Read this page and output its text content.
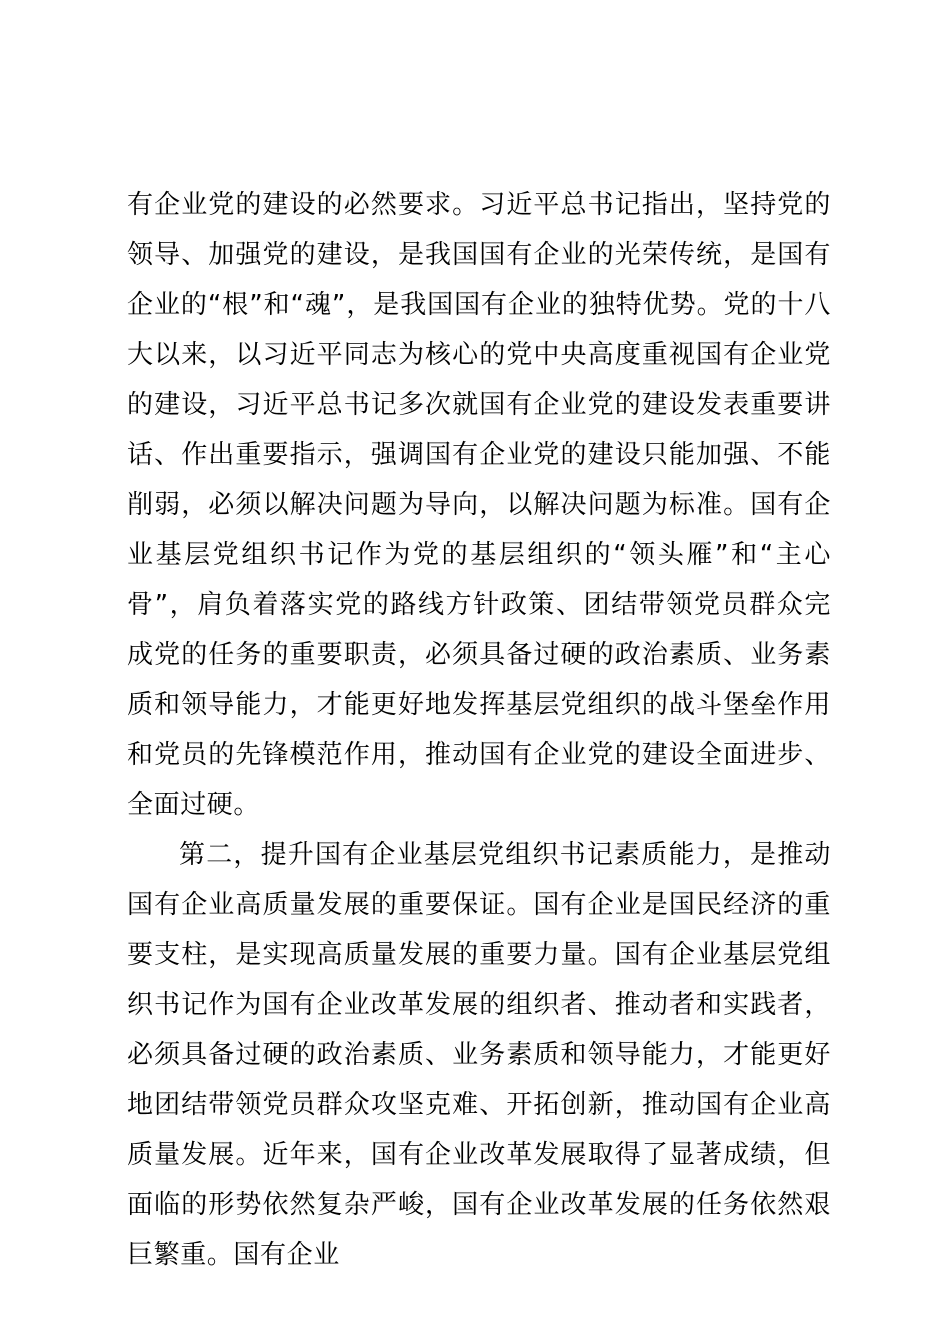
有企业党的建设的必然要求。习近平总书记指出，坚持党的领导、加强党的建设，是我国国有企业的光荣传统，是国有企业的“根”和“魂”，是我国国有企业的独特优势。党的十八大以来，以习近平同志为核心的党中央高度重视国有企业党的建设，习近平总书记多次就国有企业党的建设发表重要讲话、作出重要指示，强调国有企业党的建设只能加强、不能削弱，必须以解决问题为导向，以解决问题为标准。国有企业基层党组织书记作为党的基层组织的“领头雁”和“主心骨”，肩负着落实党的路线方针政策、团结带领党员群众完成党的任务的重要职责，必须具备过硬的政治素质、业务素质和领导能力，才能更好地发挥基层党组织的战斗堡垒作用和党员的先锋模范作用，推动国有企业党的建设全面进步、全面过硬。

第二，提升国有企业基层党组织书记素质能力，是推动国有企业高质量发展的重要保证。国有企业是国民经济的重要支柱，是实现高质量发展的重要力量。国有企业基层党组织书记作为国有企业改革发展的组织者、推动者和实践者，必须具备过硬的政治素质、业务素质和领导能力，才能更好地团结带领党员群众攻坚克难、开拓创新，推动国有企业高质量发展。近年来，国有企业改革发展取得了显著成绩，但面临的形势依然复杂严峻，国有企业改革发展的任务依然艰巨繁重。国有企业
